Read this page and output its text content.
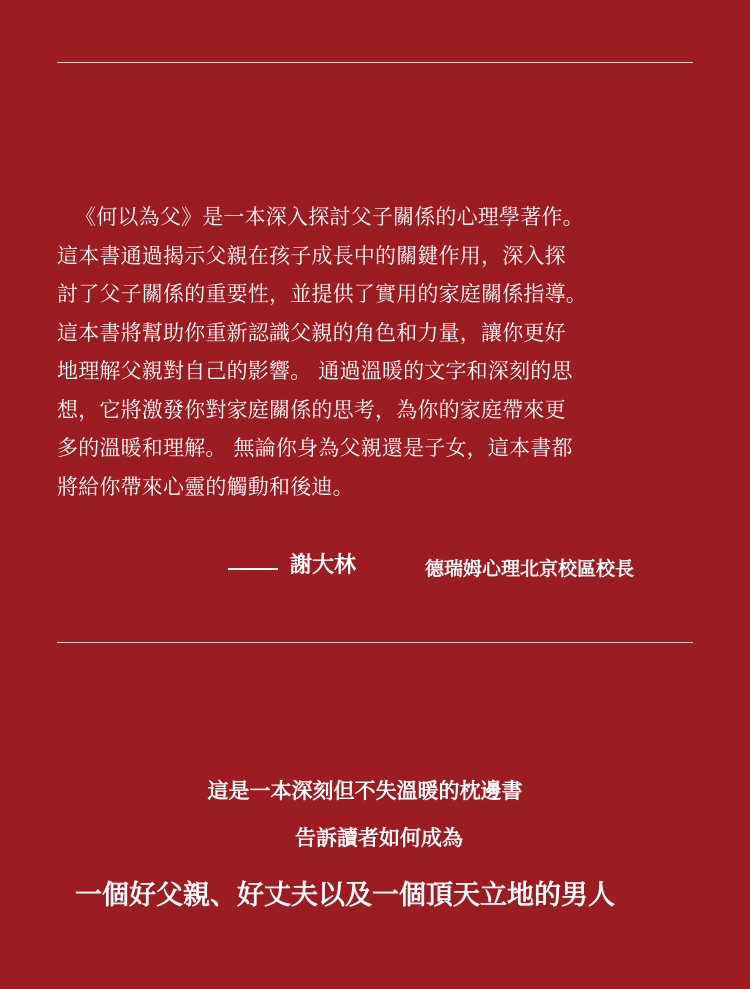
《何以為父》是一本深入探討父子關係的心理學著作。
這本書通過揭示父親在孩子成長中的關鍵作用，深入探
討了父子關係的重要性，並提供了實用的家庭關係指導。
這本書將幫助你重新認識父親的角色和力量，讓你更好
地理解父親對自己的影響。 通過溫暖的文字和深刻的思
想，它將激發你對家庭關係的思考，為你的家庭帶來更
多的溫暖和理解。 無論你身為父親還是子女，這本書都
將給你帶來心靈的觸動和後迪。
謝大林	德瑞姆心理北京校區校長
這是一本深刻但不失溫暖的枕邊書
告訴讀者如何成為
一個好父親、好丈夫以及一個頂天立地的男人
